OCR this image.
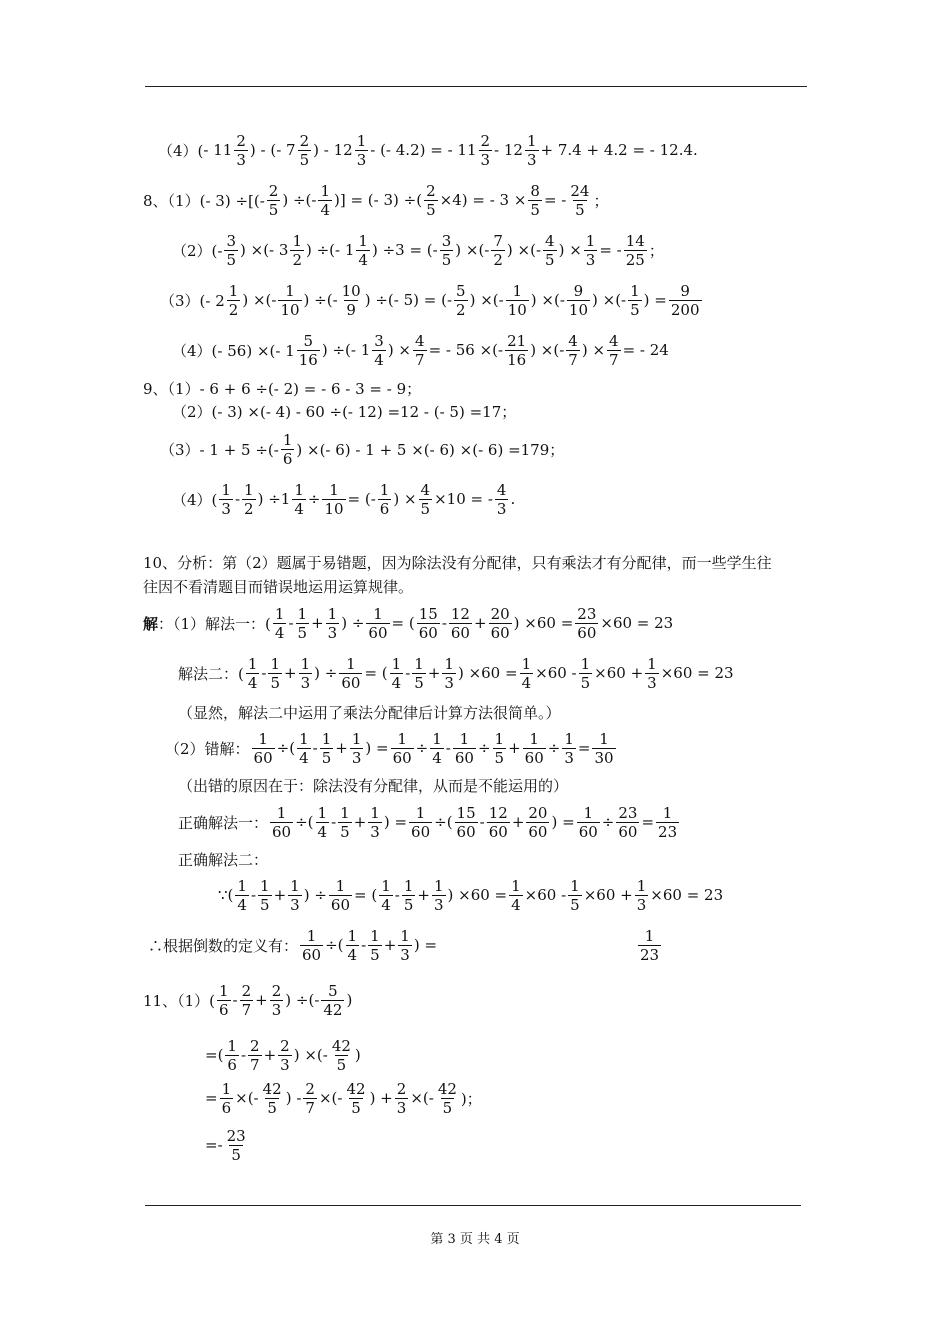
$(4)( - 11 \frac{2}{3}$ ) - (- $7 \frac{2}{5}$ ) - $12 \frac{1}{3}$ - (- 4.2) = - $11 \frac{2}{3} - 12 \frac{1}{3} + 7.4 + 4.2$ = - 12.4.
8、（1）(- 3) ÷[(- $\frac{2}{5}$ ) ÷(- $\frac{1}{4}$ )] = (- 3) ÷( $\frac{2}{5} \times 4$) = - $3 \times \frac{8}{5}$ = - $\frac{24}{5}$ ；
$(2)(- \frac{3}{5}$ ) ×(- $3 \frac{1}{2}$ ) ÷(- $1 \frac{1}{4}$ ) ÷3 = (- $\frac{3}{5}$ ) ×(- $\frac{7}{2}$ ) ×(- $\frac{4}{5}$ ) × $\frac{1}{3}$ = - $\frac{14}{25}$ ；
（3）(- $2 \frac{1}{2}$ ) ×(- $\frac{1}{10}$ ) ÷(- $\frac{10}{9}$ ) ÷(- 5) = (- $\frac{5}{2}$ ) ×(- $\frac{1}{10}$ ) ×(- $\frac{9}{10}$ ) ×(- $\frac{1}{5}$ ) = $\frac{9}{200}$
（4）(- 56) ×(- $1 \frac{5}{16}$ ) ÷(- $1 \frac{3}{4}$ ) × $\frac{4}{7}$ = - 56 ×(- $\frac{21}{16}$ ) ×(- $\frac{4}{7}$ ) × $\frac{4}{7}$ = - 24
9、（1）- 6 + 6 ÷(- 2) = - 6 - 3 = - 9；
（2）(- 3) ×(- 4) - 60 ÷(- 12) =12 - (- 5) =17；
（3）- 1 + 5 ÷(- $\frac{1}{6}$ ) ×(- 6) - 1 + 5 ×(- 6) ×(- 6) =179；
$(4)( \frac{1}{3} - \frac{1}{2}$ ) $\div 1 \frac{1}{4} \div \frac{1}{10}$ = (- $\frac{1}{6}$ ) × $\frac{4}{5} \times 10$ = - $\frac{4}{3}$ .
10、分析：第（2）题属于易错题，因为除法没有分配律，只有乘法才有分配律，而一些学生往
往因不看清题目而错误地运用运算规律。
解 ：（1）解法一：( $\frac{1}{4} - \frac{1}{5} + \frac{1}{3}$ ) ÷ $\frac{1}{60}$ = ( $\frac{15}{60} - \frac{12}{60} + \frac{20}{60}$ ) $\times 60 = \frac{23}{60} \times 60 = 23$
解法二：( $\frac{1}{4} - \frac{1}{5} + \frac{1}{3}$ ) ÷ $\frac{1}{60}$ = ( $\frac{1}{4} - \frac{1}{5} + \frac{1}{3}$ ) $\times 60 = \frac{1}{4} \times 60 - \frac{1}{5} \times 60 + \frac{1}{3} \times 60 = 23$
（显然，解法二中运用了乘法分配律后计算方法很简单。）
（2）错解： $\frac{1}{60}$ ÷( $\frac{1}{4} - \frac{1}{5} + \frac{1}{3}$ ) = $\frac{1}{60} \div \frac{1}{4} - \frac{1}{60} \div \frac{1}{5} + \frac{1}{60} \div \frac{1}{3} = \frac{1}{30}$
（出错的原因在于：除法没有分配律，从而是不能运用的）
正确解法一： $\frac{1}{60}$ ÷( $\frac{1}{4} - \frac{1}{5} + \frac{1}{3}$ ) = $\frac{1}{60}$ ÷( $\frac{15}{60} - \frac{12}{60} + \frac{20}{60}$ ) = $\frac{1}{60} \div \frac{23}{60} = \frac{1}{23}$
正确解法二：
∵( $\frac{1}{4} - \frac{1}{5} + \frac{1}{3}$ ) ÷ $\frac{1}{60}$ = ( $\frac{1}{4} - \frac{1}{5} + \frac{1}{3}$ ) $\times 60 = \frac{1}{4} \times 60 - \frac{1}{5} \times 60 + \frac{1}{3} \times 60 = 23$
∴根据倒数的定义有： $\frac{1}{60}$ ÷( $\frac{1}{4} - \frac{1}{5} + \frac{1}{3}$ ) =	$\frac{1}{23}$
11、$(1)( \frac{1}{6} - \frac{2}{7} + \frac{2}{3}$ ) ÷(- $\frac{5}{42}$ )
=( $\frac{1}{6} - \frac{2}{7} + \frac{2}{3}$ ) ×(- $\frac{42}{5}$ )
= $\frac{1}{6}$ ×(- $\frac{42}{5}$ ) - $\frac{2}{7}$ ×(- $\frac{42}{5}$ ) + $\frac{2}{3}$ ×(- $\frac{42}{5}$ )；
=- $\frac{23}{5}$
第 3 页 共 4 页
